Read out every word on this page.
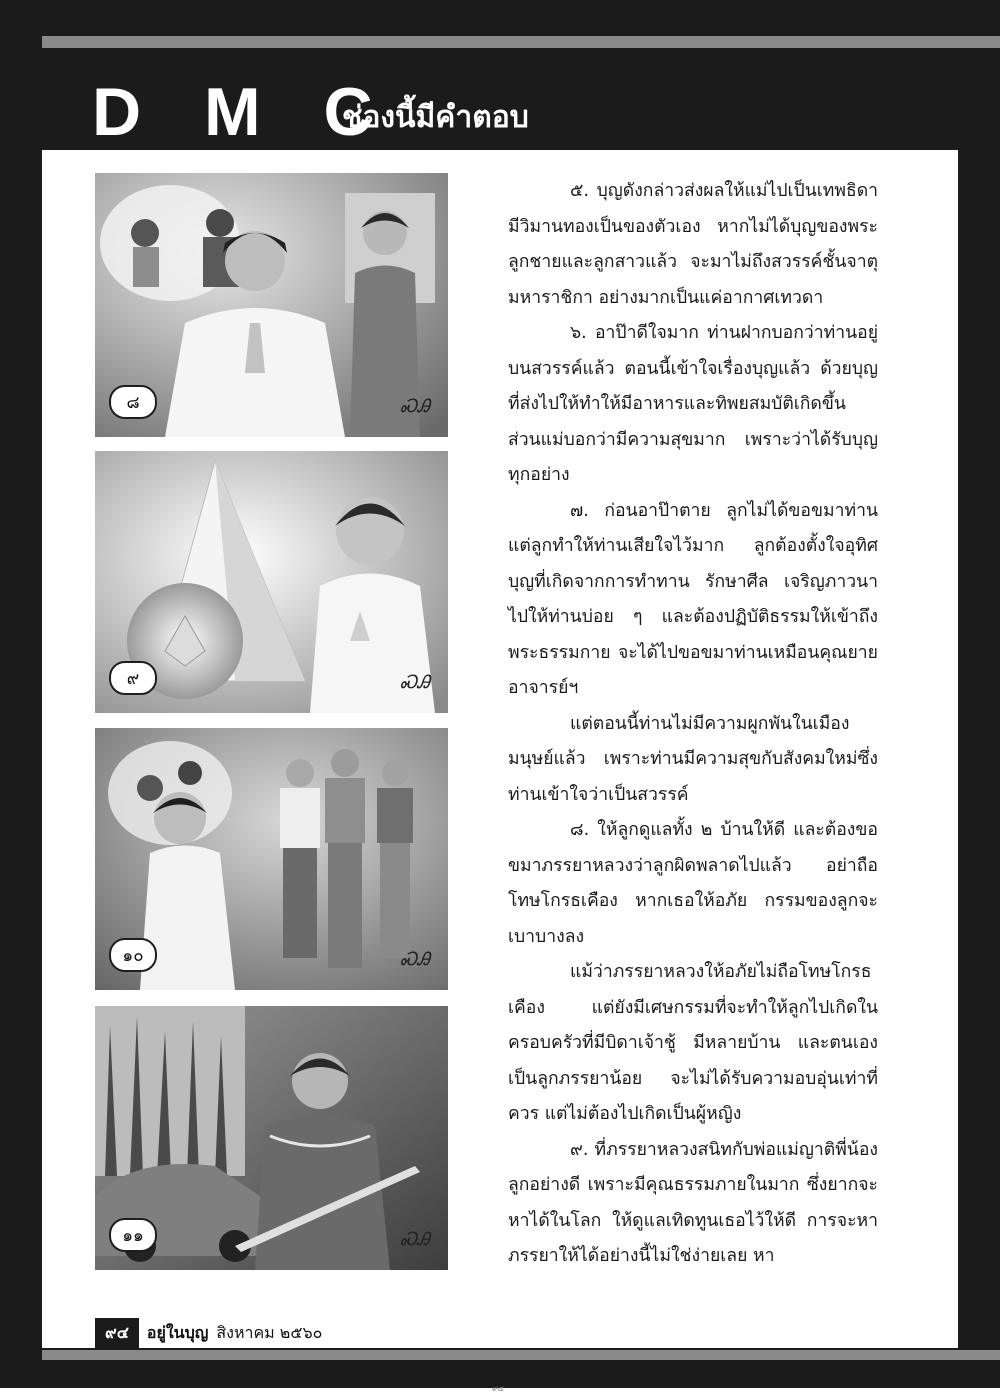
D M C
ช่องนี้มีคำตอบ
๘	ᏍᎯ
๙	ᏍᎯ
๑๐	ᏍᎯ
๑๑	ᏍᎯ

๕. บุญดังกล่าวส่งผลให้แม่ไปเป็นเทพธิดา มีวิมานทองเป็นของตัวเอง หากไม่ได้บุญของพระลูกชายและลูกสาวแล้ว จะมาไม่ถึงสวรรค์ชั้นจาตุมหาราชิกา อย่างมากเป็นแค่อากาศเทวดา

๖. อาป๊าดีใจมาก ท่านฝากบอกว่าท่านอยู่บนสวรรค์แล้ว ตอนนี้เข้าใจเรื่องบุญแล้ว ด้วยบุญที่ส่งไปให้ทำให้มีอาหารและทิพยสมบัติเกิดขึ้น ส่วนแม่บอกว่ามีความสุขมาก เพราะว่าได้รับบุญทุกอย่าง

๗. ก่อนอาป๊าตาย ลูกไม่ได้ขอขมาท่าน แต่ลูกทำให้ท่านเสียใจไว้มาก ลูกต้องตั้งใจอุทิศบุญที่เกิดจากการทำทาน รักษาศีล เจริญภาวนาไปให้ท่านบ่อย ๆ และต้องปฏิบัติธรรมให้เข้าถึงพระธรรมกาย จะได้ไปขอขมาท่านเหมือนคุณยายอาจารย์ฯ

แต่ตอนนี้ท่านไม่มีความผูกพันในเมืองมนุษย์แล้ว เพราะท่านมีความสุขกับสังคมใหม่ซึ่งท่านเข้าใจว่าเป็นสวรรค์

๘. ให้ลูกดูแลทั้ง ๒ บ้านให้ดี และต้องขอขมาภรรยาหลวงว่าลูกผิดพลาดไปแล้ว อย่าถือโทษโกรธเคือง หากเธอให้อภัย กรรมของลูกจะเบาบางลง

แม้ว่าภรรยาหลวงให้อภัยไม่ถือโทษโกรธเคือง แต่ยังมีเศษกรรมที่จะทำให้ลูกไปเกิดในครอบครัวที่มีบิดาเจ้าชู้ มีหลายบ้าน และตนเองเป็นลูกภรรยาน้อย จะไม่ได้รับความอบอุ่นเท่าที่ควร แต่ไม่ต้องไปเกิดเป็นผู้หญิง

๙. ที่ภรรยาหลวงสนิทกับพ่อแม่ญาติพี่น้องลูกอย่างดี เพราะมีคุณธรรมภายในมาก ซึ่งยากจะหาได้ในโลก ให้ดูแลเทิดทูนเธอไว้ให้ดี การจะหาภรรยาให้ได้อย่างนี้ไม่ใช่ง่ายเลย หา

๙๔	อยู่ในบุญ สิงหาคม ๒๕๖๐
๙๔
